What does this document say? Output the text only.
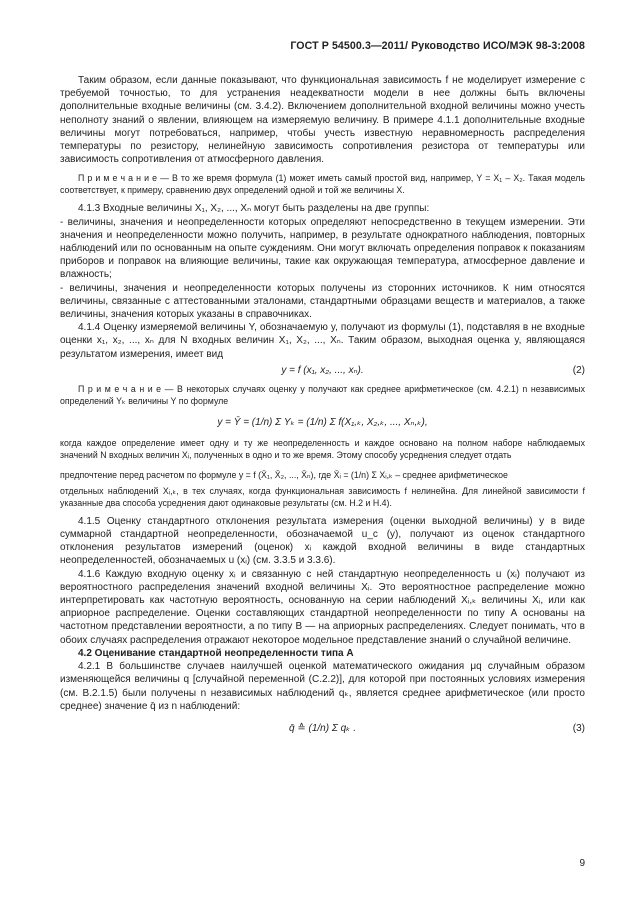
ГОСТ Р 54500.3—2011/ Руководство ИСО/МЭК 98-3:2008

Таким образом, если данные показывают, что функциональная зависимость f не моделирует измерение с требуемой точностью, то для устранения неадекватности модели в нее должны быть включены дополнительные входные величины (см. 3.4.2). Включением дополнительной входной величины можно учесть неполноту знаний о явлении, влияющем на измеряемую величину. В примере 4.1.1 дополнительные входные величины могут потребоваться, например, чтобы учесть известную неравномерность распределения температуры по резистору, нелинейную зависимость сопротивления резистора от температуры или зависимость сопротивления от атмосферного давления.

П р и м е ч а н и е — В то же время формула (1) может иметь самый простой вид, например, Y = X₁ – X₂. Такая модель соответствует, к примеру, сравнению двух определений одной и той же величины X.

4.1.3 Входные величины X₁, X₂, ..., Xₙ могут быть разделены на две группы:

- величины, значения и неопределенности которых определяют непосредственно в текущем измерении. Эти значения и неопределенности можно получить, например, в результате однократного наблюдения, повторных наблюдений или по основанным на опыте суждениям. Они могут включать определения поправок к показаниям приборов и поправок на влияющие величины, такие как окружающая температура, атмосферное давление и влажность;

- величины, значения и неопределенности которых получены из сторонних источников. К ним относятся величины, связанные с аттестованными эталонами, стандартными образцами веществ и материалов, а также величины, значения которых указаны в справочниках.

4.1.4 Оценку измеряемой величины Y, обозначаемую y, получают из формулы (1), подставляя в не входные оценки x₁, x₂, ..., xₙ для N входных величин X₁, X₂, ..., Xₙ. Таким образом, выходная оценка y, являющаяся результатом измерения, имеет вид

y = f (x₁, x₂, ..., xₙ).	(2)

П р и м е ч а н и е — В некоторых случаях оценку y получают как среднее арифметическое (см. 4.2.1) n независимых определений Yₖ величины Y по формуле

y = Ȳ = (1/n) Σ Yₖ = (1/n) Σ f(X₁,ₖ, X₂,ₖ, ..., Xₙ,ₖ),

когда каждое определение имеет одну и ту же неопределенность и каждое основано на полном наборе наблюдаемых значений N входных величин Xᵢ, полученных в одно и то же время. Этому способу усреднения следует отдать

предпочтение перед расчетом по формуле y = f (X̄₁, X̄₂, ..., X̄ₙ), где X̄ᵢ = (1/n) Σ Xᵢ,ₖ – среднее арифметическое

отдельных наблюдений Xᵢ,ₖ, в тех случаях, когда функциональная зависимость f нелинейна. Для линейной зависимости f указанные два способа усреднения дают одинаковые результаты (см. Н.2 и Н.4).

4.1.5 Оценку стандартного отклонения результата измерения (оценки выходной величины) y в виде суммарной стандартной неопределенности, обозначаемой u_c (y), получают из оценок стандартного отклонения результатов измерений (оценок) xᵢ каждой входной величины в виде стандартных неопределенностей, обозначаемых u (xᵢ) (см. 3.3.5 и 3.3.6).

4.1.6 Каждую входную оценку xᵢ и связанную с ней стандартную неопределенность u (xᵢ) получают из вероятностного распределения значений входной величины Xᵢ. Это вероятностное распределение можно интерпретировать как частотную вероятность, основанную на серии наблюдений Xᵢ,ₖ величины Xᵢ, или как априорное распределение. Оценки составляющих стандартной неопределенности по типу А основаны на частотном представлении вероятности, а по типу В — на априорных распределениях. Следует понимать, что в обоих случаях распределения отражают некоторое модельное представление знаний о случайной величине.

4.2 Оценивание стандартной неопределенности типа А

4.2.1 В большинстве случаев наилучшей оценкой математического ожидания μq случайным образом изменяющейся величины q [случайной переменной (С.2.2)], для которой при постоянных условиях измерения (см. В.2.1.5) были получены n независимых наблюдений qₖ, является среднее арифметическое (или просто среднее) значение q̄ из n наблюдений:

q̄ ≙ (1/n) Σ qₖ .	(3)
9
